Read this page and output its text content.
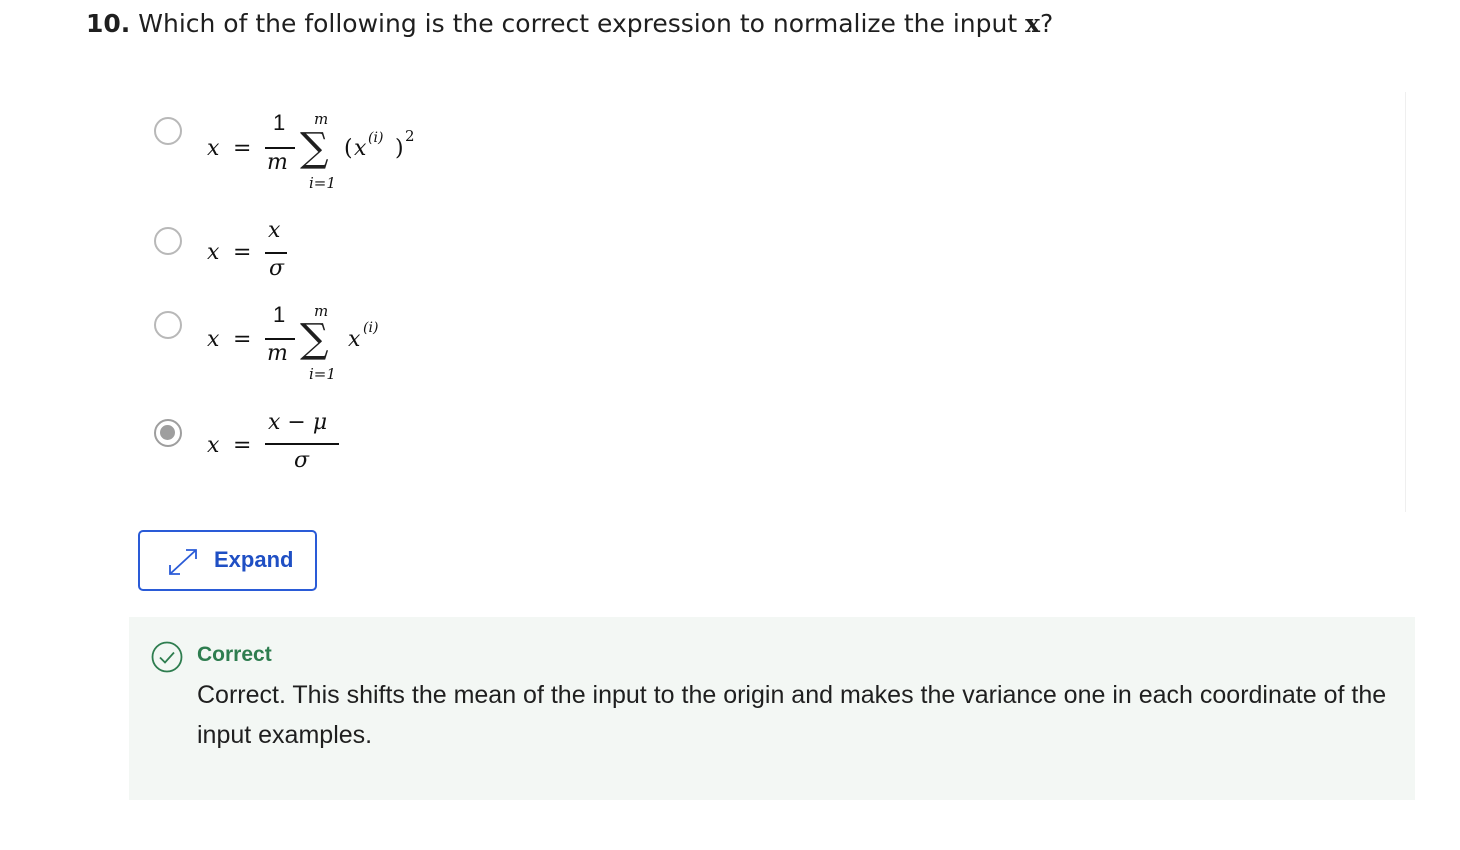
10. Which of the following is the correct expression to normalize the input x?
x =
1
m
m
∑
i=1
( x (i) ) 2
x =
x
σ
x =
1
m
m
∑
i=1
x (i)
x =
x − μ
σ
Expand
Correct
Correct. This shifts the mean of the input to the origin and makes the variance one in each coordinate of the input examples.
